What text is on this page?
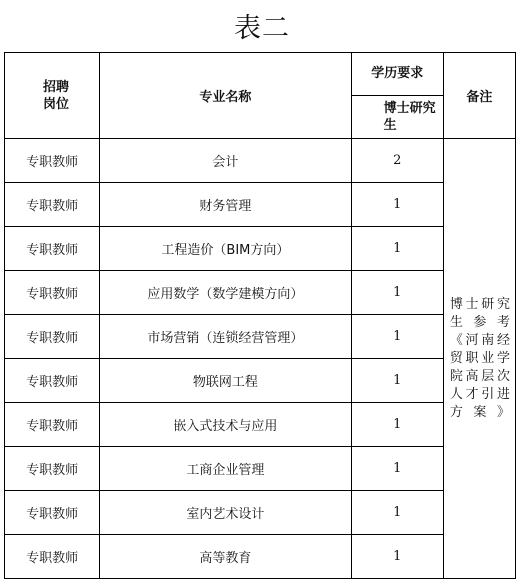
表二
招聘岗位	专业名称	学历要求	备注
		博士研究生	
专职教师	会计	2	博士研究生参考《河南经贸职业学院高层次人才引进方案》
专职教师	财务管理	1	
专职教师	工程造价（BIM方向）	1	
专职教师	应用数学（数学建模方向）	1	
专职教师	市场营销（连锁经营管理）	1	
专职教师	物联网工程	1	
专职教师	嵌入式技术与应用	1	
专职教师	工商企业管理	1	
专职教师	室内艺术设计	1	
专职教师	高等教育	1	
